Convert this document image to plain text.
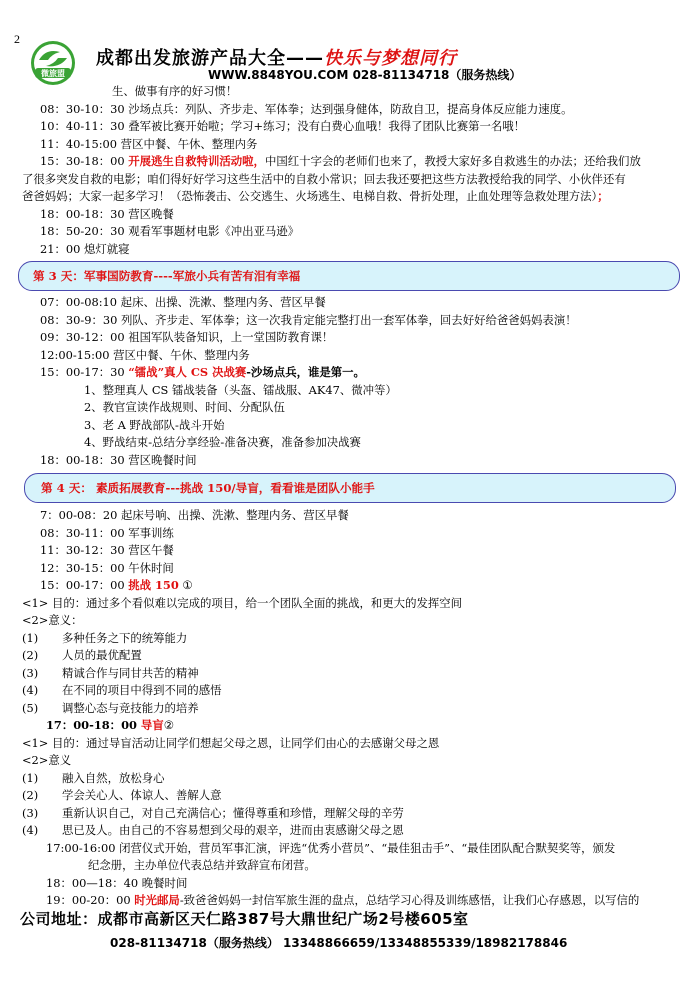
2
微旅盟
成都出发旅游产品大全——快乐与梦想同行
WWW.8848YOU.COM 028-81134718（服务热线）
生、做事有序的好习惯！
08：30-10：30 沙场点兵：列队、齐步走、军体拳；达到强身健体，防敌自卫，提高身体反应能力速度。
10：40-11：30 叠军被比赛开始啦；学习+练习；没有白费心血哦！我得了团队比赛第一名哦！
11：40-15:00 营区中餐、午休、整理内务
15：30-18：00 开展逃生自救特训活动啦，中国红十字会的老师们也来了，教授大家好多自救逃生的办法；还给我们放
了很多突发自救的电影；咱们得好好学习这些生活中的自救小常识；回去我还要把这些方法教授给我的同学、小伙伴还有
爸爸妈妈；大家一起多学习！（恐怖袭击、公交逃生、火场逃生、电梯自救、骨折处理，止血处理等急救处理方法）；
18：00-18：30 营区晚餐
18：50-20：30 观看军事题材电影《冲出亚马逊》
21：00 熄灯就寝
第 3 天：军事国防教育----军旅小兵有苦有泪有幸福
07：00-08:10 起床、出操、洗漱、整理内务、营区早餐
08：30-9：30 列队、齐步走、军体拳；这一次我肯定能完整打出一套军体拳，回去好好给爸爸妈妈表演！
09：30-12：00 祖国军队装备知识，上一堂国防教育课！
12:00-15:00 营区中餐、午休、整理内务
15：00-17：30 “镭战”真人 CS 决战赛-沙场点兵，谁是第一。
1、整理真人 CS 镭战装备（头盔、镭战服、AK47、微冲等）
2、教官宣读作战规则、时间、分配队伍
3、老 A 野战部队-战斗开始
4、野战结束-总结分享经验-准备决赛，准备参加决战赛
18：00-18：30 营区晚餐时间
第 4 天： 素质拓展教育---挑战 150/导盲，看看谁是团队小能手
7：00-08：20 起床号响、出操、洗漱、整理内务、营区早餐
08：30-11：00 军事训练
11：30-12：30 营区午餐
12：30-15：00 午休时间
15：00-17：00 挑战 150 ①
<1> 目的：通过多个看似难以完成的项目，给一个团队全面的挑战，和更大的发挥空间
<2>意义：
(1) 多种任务之下的统筹能力
(2) 人员的最优配置
(3) 精诚合作与同甘共苦的精神
(4) 在不同的项目中得到不同的感悟
(5) 调整心态与竞技能力的培养
17：00-18：00 导盲②
<1> 目的：通过导盲活动让同学们想起父母之恩，让同学们由心的去感谢父母之恩
<2>意义
(1) 融入自然，放松身心
(2) 学会关心人、体谅人、善解人意
(3) 重新认识自己，对自己充满信心；懂得尊重和珍惜，理解父母的辛劳
(4) 思已及人。由自己的不容易想到父母的艰辛，进而由衷感谢父母之恩
17:00-16:00 闭营仪式开始，营员军事汇演，评选“优秀小营员”、“最佳狙击手”、“最佳团队配合默契奖等，颁发
纪念册，主办单位代表总结并致辞宣布闭营。
18：00—18：40 晚餐时间
19：00-20：00 时光邮局-致爸爸妈妈一封信军旅生涯的盘点，总结学习心得及训练感悟，让我们心存感恩，以写信的
公司地址：成都市高新区天仁路387号大鼎世纪广场2号楼605室
028-81134718（服务热线） 13348866659/13348855339/18982178846
